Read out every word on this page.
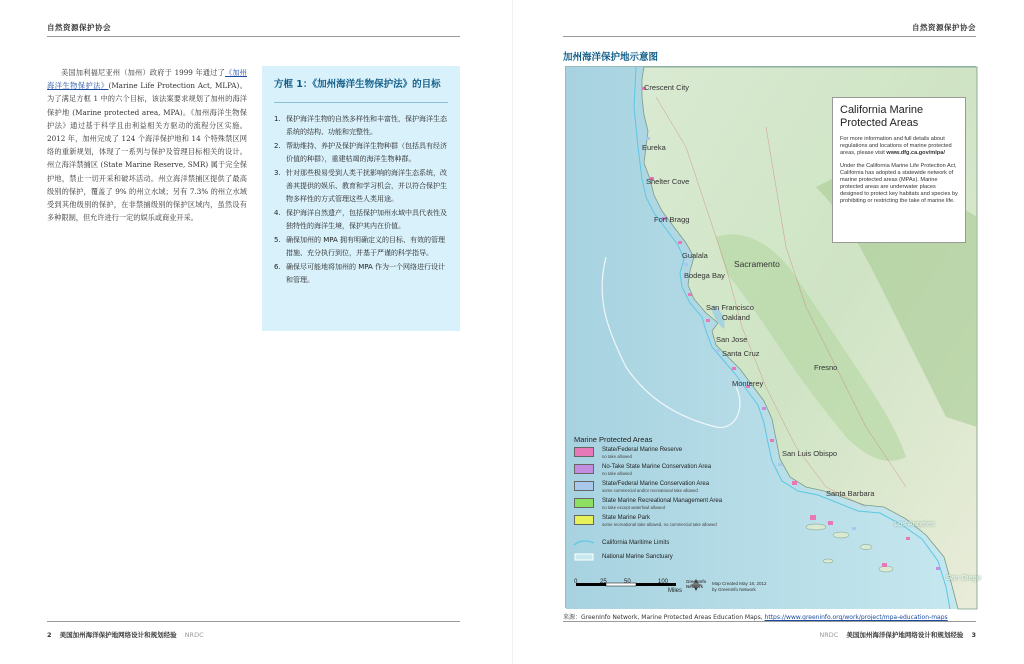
自然资源保护协会
美国加利福尼亚州（加州）政府于 1999 年通过了《加州海洋生物保护法》(Marine Life Protection Act, MLPA)。为了满足方框 1 中的六个目标，该法案要求规划了加州的海洋保护地 (Marine protected area, MPA)。《加州海洋生物保护法》通过基于科学且由利益相关方驱动的流程分区实施。2012 年，加州完成了 124 个海洋保护地和 14 个特殊禁区网络的重新规划，体现了一系列与保护及管理目标相关的设计。州立海洋禁捕区 (State Marine Reserve, SMR) 属于完全保护地，禁止一切开采和破坏活动。州立海洋禁捕区提供了最高级别的保护，覆盖了 9% 的州立水域；另有 7.3% 的州立水域受到其他级别的保护，在非禁捕级别的保护区域内，虽然设有多种限制，但允许进行一定的娱乐或商业开采。
方框 1：《加州海洋生物保护法》的目标
1. 保护海洋生物的自然多样性和丰富性，保护海洋生态系统的结构、功能和完整性。
2. 帮助维持、养护及保护海洋生物种群（包括具有经济价值的种群），重建枯竭的海洋生物种群。
3. 针对那些极易受到人类干扰影响的海洋生态系统，改善其提供的娱乐、教育和学习机会，并以符合保护生物多样性的方式管理这些人类用途。
4. 保护海洋自然遗产，包括保护加州水域中具代表性及独特性的海洋生境，保护其内在价值。
5. 确保加州的 MPA 拥有明确定义的目标、有效的管理措施、充分执行到位，并基于严谨的科学指导。
6. 确保尽可能地将加州的 MPA 作为一个网络进行设计和管理。
2 美国加州海洋保护地网络设计和规划经验 NRDC
自然资源保护协会
加州海洋保护地示意图
Crescent City
Eureka
Shelter Cove
Fort Bragg
Gualala
Bodega Bay
Sacramento
San Francisco
Oakland
San Jose
Santa Cruz
Monterey
Fresno
San Luis Obispo
Santa Barbara
Los Angeles
San Diego
California Marine Protected Areas
For more information and full details about regulations and locations of marine protected areas, please visit www.dfg.ca.gov/mlpa/
Under the California Marine Life Protection Act, California has adopted a statewide network of marine protected areas (MPAs). Marine protected areas are underwater places designed to protect key habitats and species by prohibiting or restricting the take of marine life.
Marine Protected Areas
State/Federal Marine Reserve
no take allowed
No-Take State Marine Conservation Area
no take allowed
State/Federal Marine Conservation Area
some commercial and/or recreational take allowed
State Marine Recreational Management Area
no take except waterfowl allowed
State Marine Park
some recreational take allowed, no commercial take allowed
California Maritime Limits
National Marine Sanctuary
0	25	50	100
Miles
GreenInfo Network
Map Created May 18, 2012
by GreenInfo Network
来源：GreenInfo Network, Marine Protected Areas Education Maps, https://www.greeninfo.org/work/project/mpa-education-maps
NRDC 美国加州海洋保护地网络设计和规划经验 3
